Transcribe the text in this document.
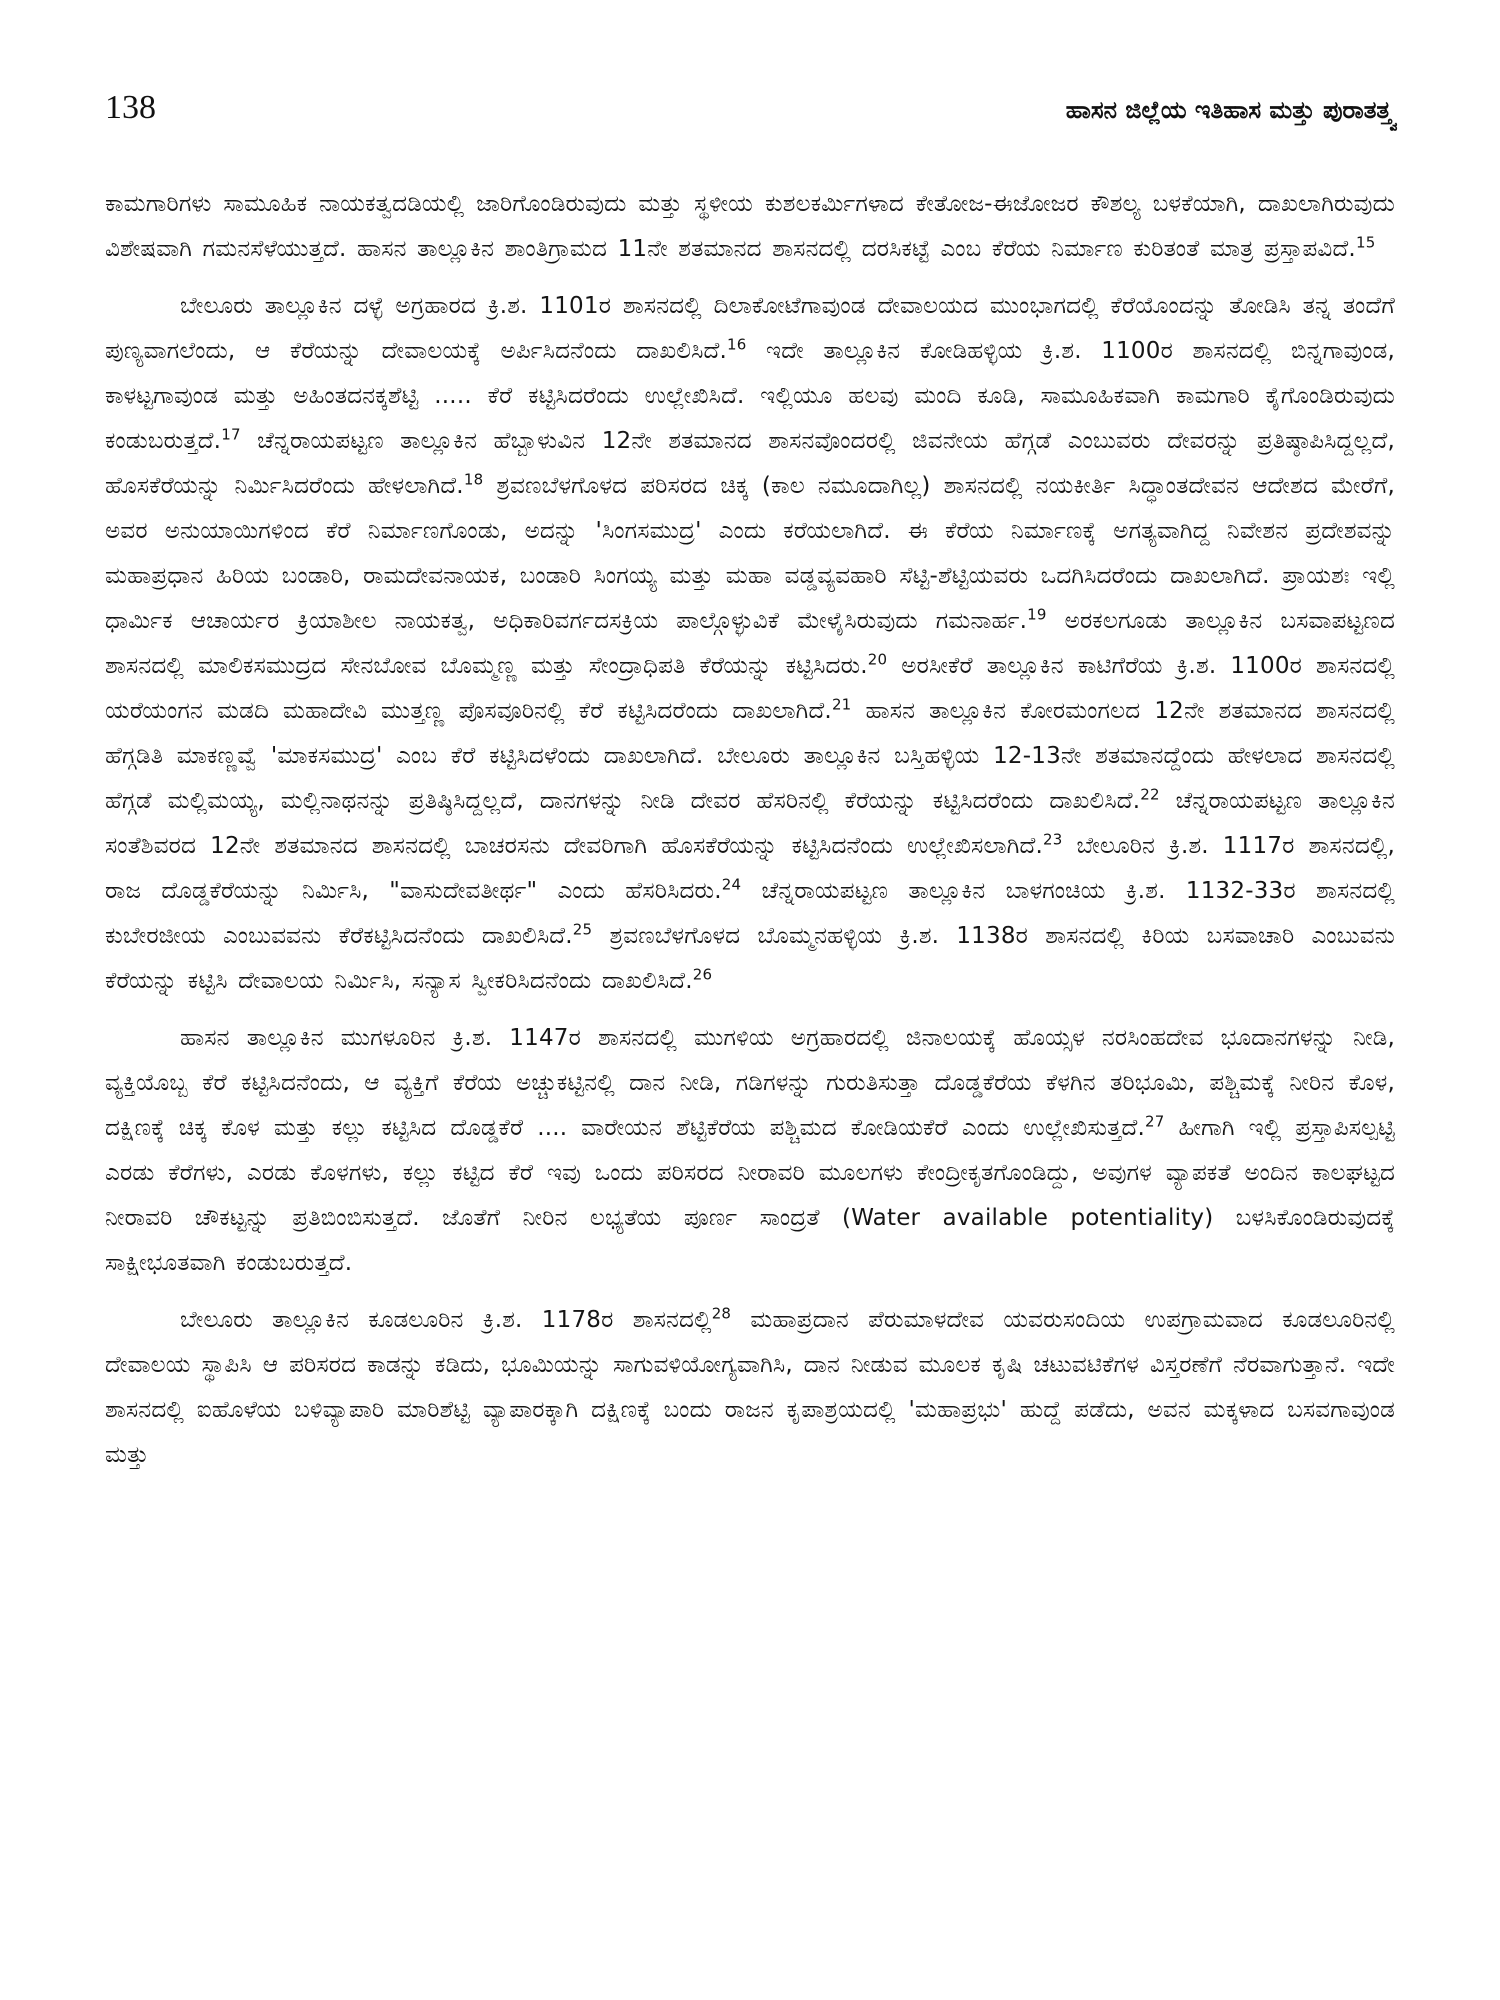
138	ಹಾಸನ ಜಿಲ್ಲೆಯ ಇತಿಹಾಸ ಮತ್ತು ಪುರಾತತ್ತ್ವ

ಕಾಮಗಾರಿಗಳು ಸಾಮೂಹಿಕ ನಾಯಕತ್ವದಡಿಯಲ್ಲಿ ಜಾರಿಗೊಂಡಿರುವುದು ಮತ್ತು ಸ್ಥಳೀಯ ಕುಶಲಕರ್ಮಿಗಳಾದ ಕೇತೋಜ-ಈಜೋಜರ ಕೌಶಲ್ಯ ಬಳಕೆಯಾಗಿ, ದಾಖಲಾಗಿರುವುದು ವಿಶೇಷವಾಗಿ ಗಮನಸೆಳೆಯುತ್ತದೆ. ಹಾಸನ ತಾಲ್ಲೂಕಿನ ಶಾಂತಿಗ್ರಾಮದ 11ನೇ ಶತಮಾನದ ಶಾಸನದಲ್ಲಿ ದರಸಿಕಟ್ಟೆ ಎಂಬ ಕೆರೆಯ ನಿರ್ಮಾಣ ಕುರಿತಂತೆ ಮಾತ್ರ ಪ್ರಸ್ತಾಪವಿದೆ.$^{15}$

ಬೇಲೂರು ತಾಲ್ಲೂಕಿನ ದಳ್ಳೆ ಅಗ್ರಹಾರದ ಕ್ರಿ.ಶ. 1101ರ ಶಾಸನದಲ್ಲಿ ದಿಲಾಕೋಟೆಗಾವುಂಡ ದೇವಾಲಯದ ಮುಂಭಾಗದಲ್ಲಿ ಕೆರೆಯೊಂದನ್ನು ತೋಡಿಸಿ ತನ್ನ ತಂದೆಗೆ ಪುಣ್ಯವಾಗಲೆಂದು, ಆ ಕೆರೆಯನ್ನು ದೇವಾಲಯಕ್ಕೆ ಅರ್ಪಿಸಿದನೆಂದು ದಾಖಲಿಸಿದೆ.$^{16}$ ಇದೇ ತಾಲ್ಲೂಕಿನ ಕೋಡಿಹಳ್ಳಿಯ ಕ್ರಿ.ಶ. 1100ರ ಶಾಸನದಲ್ಲಿ ಬಿನ್ನಗಾವುಂಡ, ಕಾಳಟ್ಟಗಾವುಂಡ ಮತ್ತು ಅಹಿಂತದನಕ್ಕಶೆಟ್ಟಿ ..... ಕೆರೆ ಕಟ್ಟಿಸಿದರೆಂದು ಉಲ್ಲೇಖಿಸಿದೆ. ಇಲ್ಲಿಯೂ ಹಲವು ಮಂದಿ ಕೂಡಿ, ಸಾಮೂಹಿಕವಾಗಿ ಕಾಮಗಾರಿ ಕೈಗೊಂಡಿರುವುದು ಕಂಡುಬರುತ್ತದೆ.$^{17}$ ಚೆನ್ನರಾಯಪಟ್ಟಣ ತಾಲ್ಲೂಕಿನ ಹೆಬ್ಬಾಳುವಿನ 12ನೇ ಶತಮಾನದ ಶಾಸನವೊಂದರಲ್ಲಿ ಜಿವನೇಯ ಹೆಗ್ಗಡೆ ಎಂಬುವರು ದೇವರನ್ನು ಪ್ರತಿಷ್ಠಾಪಿಸಿದ್ದಲ್ಲದೆ, ಹೊಸಕೆರೆಯನ್ನು ನಿರ್ಮಿಸಿದರೆಂದು ಹೇಳಲಾಗಿದೆ.$^{18}$ ಶ್ರವಣಬೆಳಗೊಳದ ಪರಿಸರದ ಚಿಕ್ಕ (ಕಾಲ ನಮೂದಾಗಿಲ್ಲ) ಶಾಸನದಲ್ಲಿ ನಯಕೀರ್ತಿ ಸಿದ್ಧಾಂತದೇವನ ಆದೇಶದ ಮೇರೆಗೆ, ಅವರ ಅನುಯಾಯಿಗಳಿಂದ ಕೆರೆ ನಿರ್ಮಾಣಗೊಂಡು, ಅದನ್ನು 'ಸಿಂಗಸಮುದ್ರ' ಎಂದು ಕರೆಯಲಾಗಿದೆ. ಈ ಕೆರೆಯ ನಿರ್ಮಾಣಕ್ಕೆ ಅಗತ್ಯವಾಗಿದ್ದ ನಿವೇಶನ ಪ್ರದೇಶವನ್ನು ಮಹಾಪ್ರಧಾನ ಹಿರಿಯ ಬಂಡಾರಿ, ರಾಮದೇವನಾಯಕ, ಬಂಡಾರಿ ಸಿಂಗಯ್ಯ ಮತ್ತು ಮಹಾ ವಡ್ಡವ್ಯವಹಾರಿ ಸೆಟ್ಟಿ-ಶೆಟ್ಟಿಯವರು ಒದಗಿಸಿದರೆಂದು ದಾಖಲಾಗಿದೆ. ಪ್ರಾಯಶಃ ಇಲ್ಲಿ ಧಾರ್ಮಿಕ ಆಚಾರ್ಯರ ಕ್ರಿಯಾಶೀಲ ನಾಯಕತ್ವ, ಅಧಿಕಾರಿವರ್ಗದಸಕ್ರಿಯ ಪಾಲ್ಗೊಳ್ಳುವಿಕೆ ಮೇಳೈಸಿರುವುದು ಗಮನಾರ್ಹ.$^{19}$ ಅರಕಲಗೂಡು ತಾಲ್ಲೂಕಿನ ಬಸವಾಪಟ್ಟಣದ ಶಾಸನದಲ್ಲಿ ಮಾಲಿಕಸಮುದ್ರದ ಸೇನಬೋವ ಬೊಮ್ಮಣ್ಣ ಮತ್ತು ಸೇಂದ್ರಾಧಿಪತಿ ಕೆರೆಯನ್ನು ಕಟ್ಟಿಸಿದರು.$^{20}$ ಅರಸೀಕೆರೆ ತಾಲ್ಲೂಕಿನ ಕಾಟಿಗೆರೆಯ ಕ್ರಿ.ಶ. 1100ರ ಶಾಸನದಲ್ಲಿ ಯರೆಯಂಗನ ಮಡದಿ ಮಹಾದೇವಿ ಮುತ್ತಣ್ಣ ಪೊಸವೂರಿನಲ್ಲಿ ಕೆರೆ ಕಟ್ಟಿಸಿದರೆಂದು ದಾಖಲಾಗಿದೆ.$^{21}$ ಹಾಸನ ತಾಲ್ಲೂಕಿನ ಕೋರಮಂಗಲದ 12ನೇ ಶತಮಾನದ ಶಾಸನದಲ್ಲಿ ಹೆಗ್ಗಡಿತಿ ಮಾಕಣ್ಣವ್ವೆ 'ಮಾಕಸಮುದ್ರ' ಎಂಬ ಕೆರೆ ಕಟ್ಟಿಸಿದಳೆಂದು ದಾಖಲಾಗಿದೆ. ಬೇಲೂರು ತಾಲ್ಲೂಕಿನ ಬಸ್ತಿಹಳ್ಳಿಯ 12-13ನೇ ಶತಮಾನದ್ದೆಂದು ಹೇಳಲಾದ ಶಾಸನದಲ್ಲಿ ಹೆಗ್ಗಡೆ ಮಲ್ಲಿಮಯ್ಯ, ಮಲ್ಲಿನಾಥನನ್ನು ಪ್ರತಿಷ್ಠಿಸಿದ್ದಲ್ಲದೆ, ದಾನಗಳನ್ನು ನೀಡಿ ದೇವರ ಹೆಸರಿನಲ್ಲಿ ಕೆರೆಯನ್ನು ಕಟ್ಟಿಸಿದರೆಂದು ದಾಖಲಿಸಿದೆ.$^{22}$ ಚೆನ್ನರಾಯಪಟ್ಟಣ ತಾಲ್ಲೂಕಿನ ಸಂತೆಶಿವರದ 12ನೇ ಶತಮಾನದ ಶಾಸನದಲ್ಲಿ ಬಾಚರಸನು ದೇವರಿಗಾಗಿ ಹೊಸಕೆರೆಯನ್ನು ಕಟ್ಟಿಸಿದನೆಂದು ಉಲ್ಲೇಖಿಸಲಾಗಿದೆ.$^{23}$ ಬೇಲೂರಿನ ಕ್ರಿ.ಶ. 1117ರ ಶಾಸನದಲ್ಲಿ, ರಾಜ ದೊಡ್ಡಕೆರೆಯನ್ನು ನಿರ್ಮಿಸಿ, "ವಾಸುದೇವತೀರ್ಥ" ಎಂದು ಹೆಸರಿಸಿದರು.$^{24}$ ಚೆನ್ನರಾಯಪಟ್ಟಣ ತಾಲ್ಲೂಕಿನ ಬಾಳಗಂಚಿಯ ಕ್ರಿ.ಶ. 1132-33ರ ಶಾಸನದಲ್ಲಿ ಕುಬೇರಜೀಯ ಎಂಬುವವನು ಕೆರೆಕಟ್ಟಿಸಿದನೆಂದು ದಾಖಲಿಸಿದೆ.$^{25}$ ಶ್ರವಣಬೆಳಗೊಳದ ಬೊಮ್ಮನಹಳ್ಳಿಯ ಕ್ರಿ.ಶ. 1138ರ ಶಾಸನದಲ್ಲಿ ಕಿರಿಯ ಬಸವಾಚಾರಿ ಎಂಬುವನು ಕೆರೆಯನ್ನು ಕಟ್ಟಿಸಿ ದೇವಾಲಯ ನಿರ್ಮಿಸಿ, ಸನ್ಯಾಸ ಸ್ವೀಕರಿಸಿದನೆಂದು ದಾಖಲಿಸಿದೆ.$^{26}$

ಹಾಸನ ತಾಲ್ಲೂಕಿನ ಮುಗಳೂರಿನ ಕ್ರಿ.ಶ. 1147ರ ಶಾಸನದಲ್ಲಿ ಮುಗಳಿಯ ಅಗ್ರಹಾರದಲ್ಲಿ ಜಿನಾಲಯಕ್ಕೆ ಹೊಯ್ಸಳ ನರಸಿಂಹದೇವ ಭೂದಾನಗಳನ್ನು ನೀಡಿ, ವ್ಯಕ್ತಿಯೊಬ್ಬ ಕೆರೆ ಕಟ್ಟಿಸಿದನೆಂದು, ಆ ವ್ಯಕ್ತಿಗೆ ಕೆರೆಯ ಅಚ್ಚುಕಟ್ಟಿನಲ್ಲಿ ದಾನ ನೀಡಿ, ಗಡಿಗಳನ್ನು ಗುರುತಿಸುತ್ತಾ ದೊಡ್ಡಕೆರೆಯ ಕೆಳಗಿನ ತರಿಭೂಮಿ, ಪಶ್ಚಿಮಕ್ಕೆ ನೀರಿನ ಕೊಳ, ದಕ್ಷಿಣಕ್ಕೆ ಚಿಕ್ಕ ಕೊಳ ಮತ್ತು ಕಲ್ಲು ಕಟ್ಟಿಸಿದ ದೊಡ್ಡಕೆರೆ .... ವಾರೇಯನ ಶೆಟ್ಟಿಕೆರೆಯ ಪಶ್ಚಿಮದ ಕೋಡಿಯಕೆರೆ ಎಂದು ಉಲ್ಲೇಖಿಸುತ್ತದೆ.$^{27}$ ಹೀಗಾಗಿ ಇಲ್ಲಿ ಪ್ರಸ್ತಾಪಿಸಲ್ಪಟ್ಟಿ ಎರಡು ಕೆರೆಗಳು, ಎರಡು ಕೊಳಗಳು, ಕಲ್ಲು ಕಟ್ಟಿದ ಕೆರೆ ಇವು ಒಂದು ಪರಿಸರದ ನೀರಾವರಿ ಮೂಲಗಳು ಕೇಂದ್ರೀಕೃತಗೊಂಡಿದ್ದು, ಅವುಗಳ ವ್ಯಾಪಕತೆ ಅಂದಿನ ಕಾಲಘಟ್ಟದ ನೀರಾವರಿ ಚೌಕಟ್ಟನ್ನು ಪ್ರತಿಬಿಂಬಿಸುತ್ತದೆ. ಜೊತೆಗೆ ನೀರಿನ ಲಭ್ಯತೆಯ ಪೂರ್ಣ ಸಾಂದ್ರತೆ (Water available potentiality) ಬಳಸಿಕೊಂಡಿರುವುದಕ್ಕೆ ಸಾಕ್ಷೀಭೂತವಾಗಿ ಕಂಡುಬರುತ್ತದೆ.

ಬೇಲೂರು ತಾಲ್ಲೂಕಿನ ಕೂಡಲೂರಿನ ಕ್ರಿ.ಶ. 1178ರ ಶಾಸನದಲ್ಲಿ$^{28}$ ಮಹಾಪ್ರದಾನ ಪೆರುಮಾಳದೇವ ಯವರುಸಂದಿಯ ಉಪಗ್ರಾಮವಾದ ಕೂಡಲೂರಿನಲ್ಲಿ ದೇವಾಲಯ ಸ್ಥಾಪಿಸಿ ಆ ಪರಿಸರದ ಕಾಡನ್ನು ಕಡಿದು, ಭೂಮಿಯನ್ನು ಸಾಗುವಳಿಯೋಗ್ಯವಾಗಿಸಿ, ದಾನ ನೀಡುವ ಮೂಲಕ ಕೃಷಿ ಚಟುವಟಿಕೆಗಳ ವಿಸ್ತರಣೆಗೆ ನೆರವಾಗುತ್ತಾನೆ. ಇದೇ ಶಾಸನದಲ್ಲಿ ಐಹೊಳೆಯ ಬಳಿವ್ಯಾಪಾರಿ ಮಾರಿಶೆಟ್ಟಿ ವ್ಯಾಪಾರಕ್ಕಾಗಿ ದಕ್ಷಿಣಕ್ಕೆ ಬಂದು ರಾಜನ ಕೃಪಾಶ್ರಯದಲ್ಲಿ 'ಮಹಾಪ್ರಭು' ಹುದ್ದೆ ಪಡೆದು, ಅವನ ಮಕ್ಕಳಾದ ಬಸವಗಾವುಂಡ ಮತ್ತು
